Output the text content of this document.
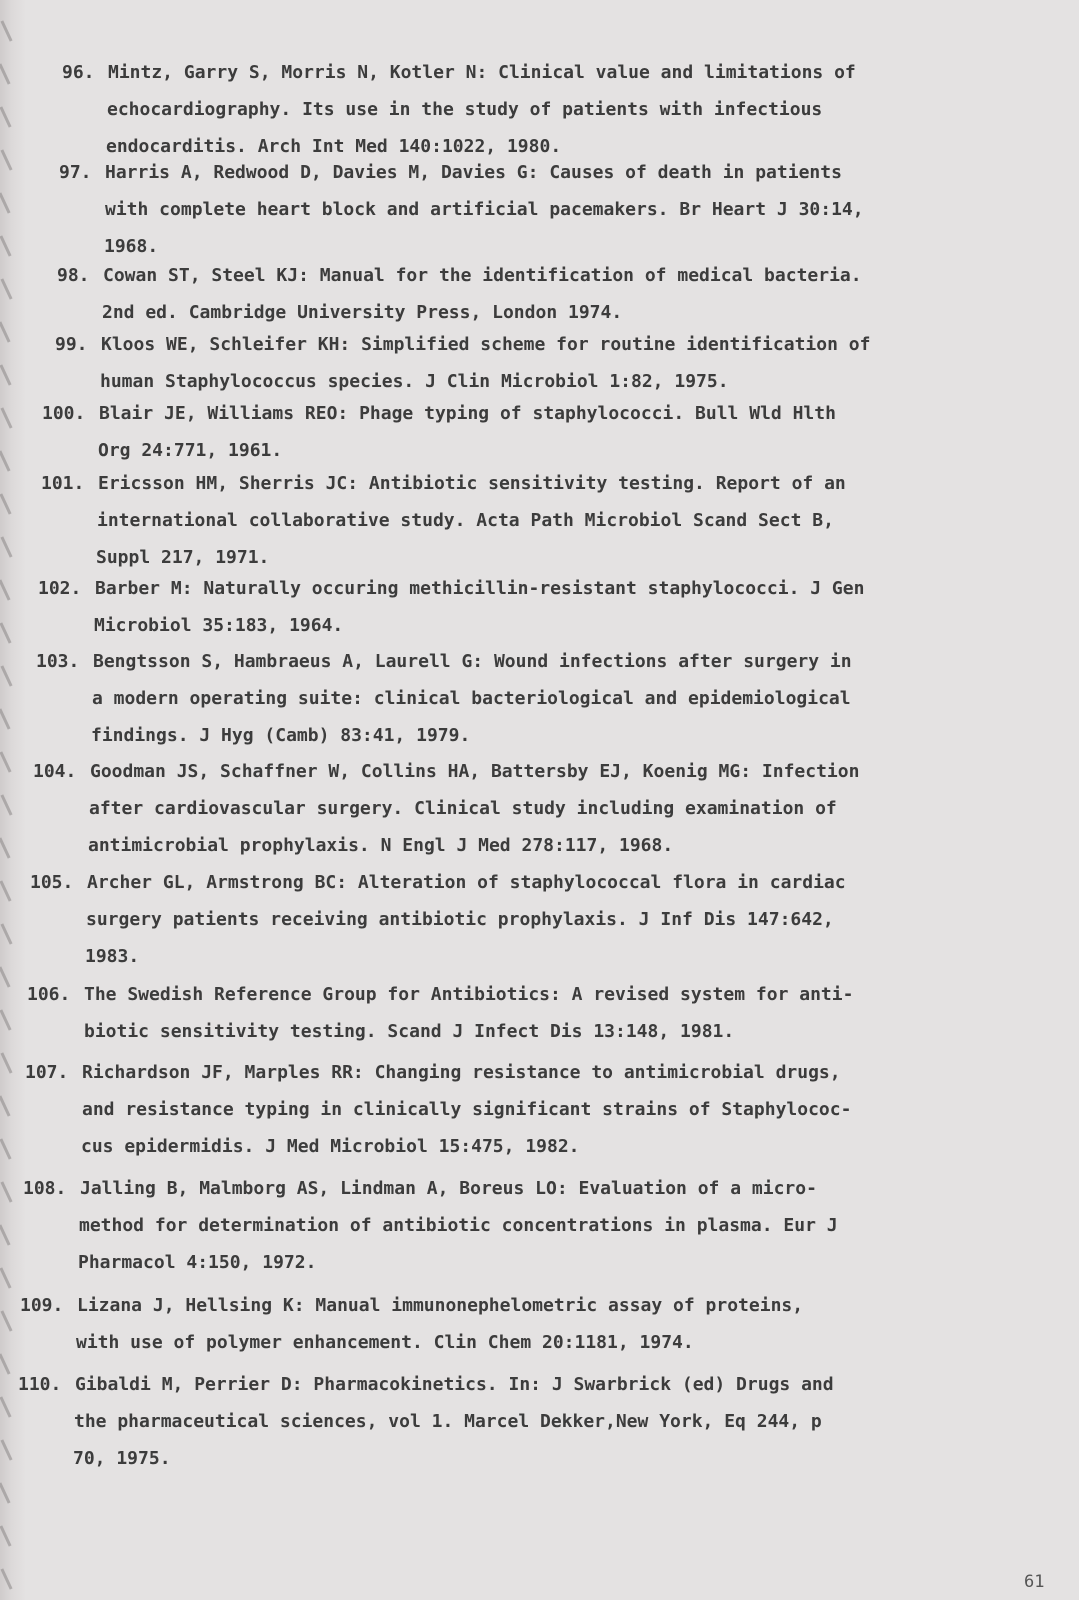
96. Mintz, Garry S, Morris N, Kotler N: Clinical value and limitations of
echocardiography. Its use in the study of patients with infectious
endocarditis. Arch Int Med 140:1022, 1980.
97. Harris A, Redwood D, Davies M, Davies G: Causes of death in patients
with complete heart block and artificial pacemakers. Br Heart J 30:14,
1968.
98. Cowan ST, Steel KJ: Manual for the identification of medical bacteria.
2nd ed. Cambridge University Press, London 1974.
99. Kloos WE, Schleifer KH: Simplified scheme for routine identification of
human Staphylococcus species. J Clin Microbiol 1:82, 1975.
100. Blair JE, Williams REO: Phage typing of staphylococci. Bull Wld Hlth
Org 24:771, 1961.
101. Ericsson HM, Sherris JC: Antibiotic sensitivity testing. Report of an
international collaborative study. Acta Path Microbiol Scand Sect B,
Suppl 217, 1971.
102. Barber M: Naturally occuring methicillin-resistant staphylococci. J Gen
Microbiol 35:183, 1964.
103. Bengtsson S, Hambraeus A, Laurell G: Wound infections after surgery in
a modern operating suite: clinical bacteriological and epidemiological
findings. J Hyg (Camb) 83:41, 1979.
104. Goodman JS, Schaffner W, Collins HA, Battersby EJ, Koenig MG: Infection
after cardiovascular surgery. Clinical study including examination of
antimicrobial prophylaxis. N Engl J Med 278:117, 1968.
105. Archer GL, Armstrong BC: Alteration of staphylococcal flora in cardiac
surgery patients receiving antibiotic prophylaxis. J Inf Dis 147:642,
1983.
106. The Swedish Reference Group for Antibiotics: A revised system for anti-
biotic sensitivity testing. Scand J Infect Dis 13:148, 1981.
107. Richardson JF, Marples RR: Changing resistance to antimicrobial drugs,
and resistance typing in clinically significant strains of Staphylococ-
cus epidermidis. J Med Microbiol 15:475, 1982.
108. Jalling B, Malmborg AS, Lindman A, Boreus LO: Evaluation of a micro-
method for determination of antibiotic concentrations in plasma. Eur J
Pharmacol 4:150, 1972.
109. Lizana J, Hellsing K: Manual immunonephelometric assay of proteins,
with use of polymer enhancement. Clin Chem 20:1181, 1974.
110. Gibaldi M, Perrier D: Pharmacokinetics. In: J Swarbrick (ed) Drugs and
the pharmaceutical sciences, vol 1. Marcel Dekker,New York, Eq 244, p
70, 1975.
61
